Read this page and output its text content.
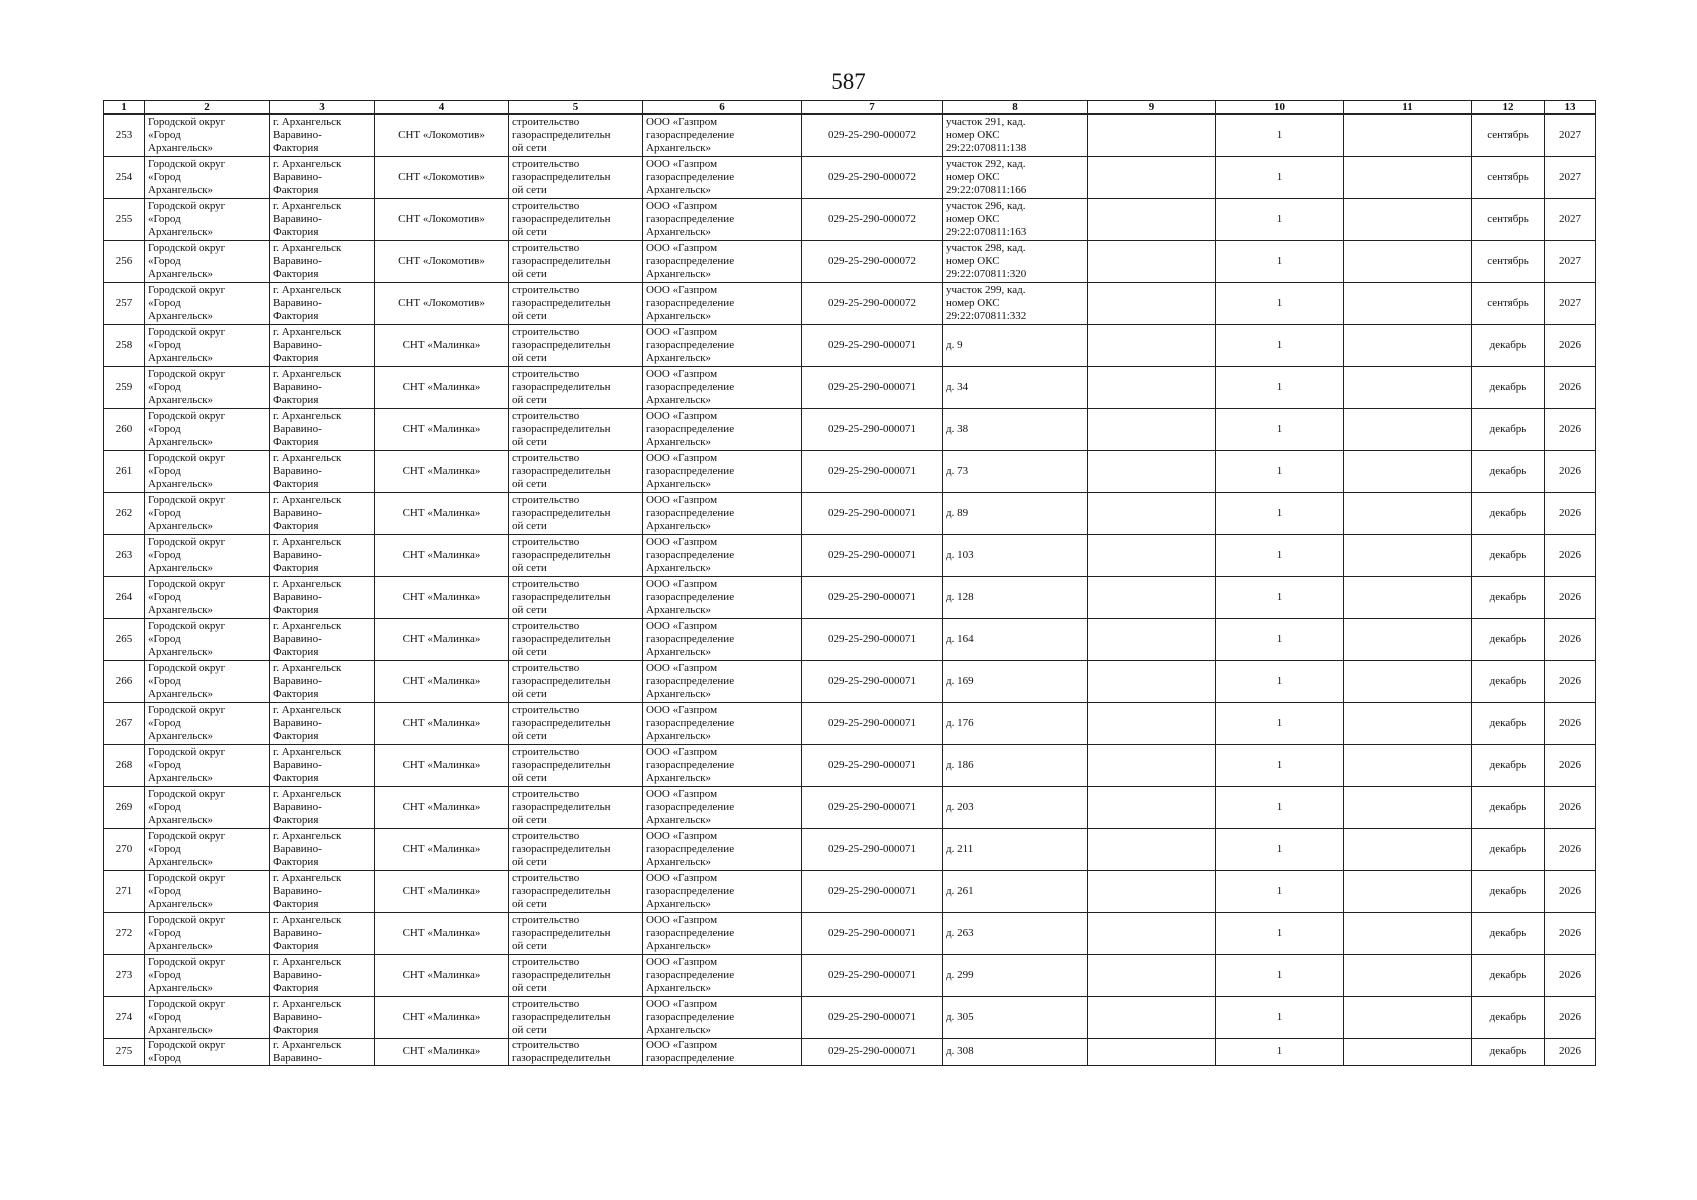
587
1	2	3	4	5	6	7	8	9	10	11	12	13
253	Городской округ
«Город
Архангельск»	г. Архангельск
Варавино-
Фактория	СНТ «Локомотив»	строительство
газораспределительн
ой сети	ООО «Газпром
газораспределение
Архангельск»	029-25-290-000072	участок 291, кад.
номер ОКС
29:22:070811:138		1		сентябрь	2027
254	Городской округ
«Город
Архангельск»	г. Архангельск
Варавино-
Фактория	СНТ «Локомотив»	строительство
газораспределительн
ой сети	ООО «Газпром
газораспределение
Архангельск»	029-25-290-000072	участок 292, кад.
номер ОКС
29:22:070811:166		1		сентябрь	2027
255	Городской округ
«Город
Архангельск»	г. Архангельск
Варавино-
Фактория	СНТ «Локомотив»	строительство
газораспределительн
ой сети	ООО «Газпром
газораспределение
Архангельск»	029-25-290-000072	участок 296, кад.
номер ОКС
29:22:070811:163		1		сентябрь	2027
256	Городской округ
«Город
Архангельск»	г. Архангельск
Варавино-
Фактория	СНТ «Локомотив»	строительство
газораспределительн
ой сети	ООО «Газпром
газораспределение
Архангельск»	029-25-290-000072	участок 298, кад.
номер ОКС
29:22:070811:320		1		сентябрь	2027
257	Городской округ
«Город
Архангельск»	г. Архангельск
Варавино-
Фактория	СНТ «Локомотив»	строительство
газораспределительн
ой сети	ООО «Газпром
газораспределение
Архангельск»	029-25-290-000072	участок 299, кад.
номер ОКС
29:22:070811:332		1		сентябрь	2027
258	Городской округ
«Город
Архангельск»	г. Архангельск
Варавино-
Фактория	СНТ «Малинка»	строительство
газораспределительн
ой сети	ООО «Газпром
газораспределение
Архангельск»	029-25-290-000071	д. 9		1		декабрь	2026
259	Городской округ
«Город
Архангельск»	г. Архангельск
Варавино-
Фактория	СНТ «Малинка»	строительство
газораспределительн
ой сети	ООО «Газпром
газораспределение
Архангельск»	029-25-290-000071	д. 34		1		декабрь	2026
260	Городской округ
«Город
Архангельск»	г. Архангельск
Варавино-
Фактория	СНТ «Малинка»	строительство
газораспределительн
ой сети	ООО «Газпром
газораспределение
Архангельск»	029-25-290-000071	д. 38		1		декабрь	2026
261	Городской округ
«Город
Архангельск»	г. Архангельск
Варавино-
Фактория	СНТ «Малинка»	строительство
газораспределительн
ой сети	ООО «Газпром
газораспределение
Архангельск»	029-25-290-000071	д. 73		1		декабрь	2026
262	Городской округ
«Город
Архангельск»	г. Архангельск
Варавино-
Фактория	СНТ «Малинка»	строительство
газораспределительн
ой сети	ООО «Газпром
газораспределение
Архангельск»	029-25-290-000071	д. 89		1		декабрь	2026
263	Городской округ
«Город
Архангельск»	г. Архангельск
Варавино-
Фактория	СНТ «Малинка»	строительство
газораспределительн
ой сети	ООО «Газпром
газораспределение
Архангельск»	029-25-290-000071	д. 103		1		декабрь	2026
264	Городской округ
«Город
Архангельск»	г. Архангельск
Варавино-
Фактория	СНТ «Малинка»	строительство
газораспределительн
ой сети	ООО «Газпром
газораспределение
Архангельск»	029-25-290-000071	д. 128		1		декабрь	2026
265	Городской округ
«Город
Архангельск»	г. Архангельск
Варавино-
Фактория	СНТ «Малинка»	строительство
газораспределительн
ой сети	ООО «Газпром
газораспределение
Архангельск»	029-25-290-000071	д. 164		1		декабрь	2026
266	Городской округ
«Город
Архангельск»	г. Архангельск
Варавино-
Фактория	СНТ «Малинка»	строительство
газораспределительн
ой сети	ООО «Газпром
газораспределение
Архангельск»	029-25-290-000071	д. 169		1		декабрь	2026
267	Городской округ
«Город
Архангельск»	г. Архангельск
Варавино-
Фактория	СНТ «Малинка»	строительство
газораспределительн
ой сети	ООО «Газпром
газораспределение
Архангельск»	029-25-290-000071	д. 176		1		декабрь	2026
268	Городской округ
«Город
Архангельск»	г. Архангельск
Варавино-
Фактория	СНТ «Малинка»	строительство
газораспределительн
ой сети	ООО «Газпром
газораспределение
Архангельск»	029-25-290-000071	д. 186		1		декабрь	2026
269	Городской округ
«Город
Архангельск»	г. Архангельск
Варавино-
Фактория	СНТ «Малинка»	строительство
газораспределительн
ой сети	ООО «Газпром
газораспределение
Архангельск»	029-25-290-000071	д. 203		1		декабрь	2026
270	Городской округ
«Город
Архангельск»	г. Архангельск
Варавино-
Фактория	СНТ «Малинка»	строительство
газораспределительн
ой сети	ООО «Газпром
газораспределение
Архангельск»	029-25-290-000071	д. 211		1		декабрь	2026
271	Городской округ
«Город
Архангельск»	г. Архангельск
Варавино-
Фактория	СНТ «Малинка»	строительство
газораспределительн
ой сети	ООО «Газпром
газораспределение
Архангельск»	029-25-290-000071	д. 261		1		декабрь	2026
272	Городской округ
«Город
Архангельск»	г. Архангельск
Варавино-
Фактория	СНТ «Малинка»	строительство
газораспределительн
ой сети	ООО «Газпром
газораспределение
Архангельск»	029-25-290-000071	д. 263		1		декабрь	2026
273	Городской округ
«Город
Архангельск»	г. Архангельск
Варавино-
Фактория	СНТ «Малинка»	строительство
газораспределительн
ой сети	ООО «Газпром
газораспределение
Архангельск»	029-25-290-000071	д. 299		1		декабрь	2026
274	Городской округ
«Город
Архангельск»	г. Архангельск
Варавино-
Фактория	СНТ «Малинка»	строительство
газораспределительн
ой сети	ООО «Газпром
газораспределение
Архангельск»	029-25-290-000071	д. 305		1		декабрь	2026
275	Городской округ
«Город	г. Архангельск
Варавино-	СНТ «Малинка»	строительство
газораспределительн	ООО «Газпром
газораспределение	029-25-290-000071	д. 308		1		декабрь	2026
